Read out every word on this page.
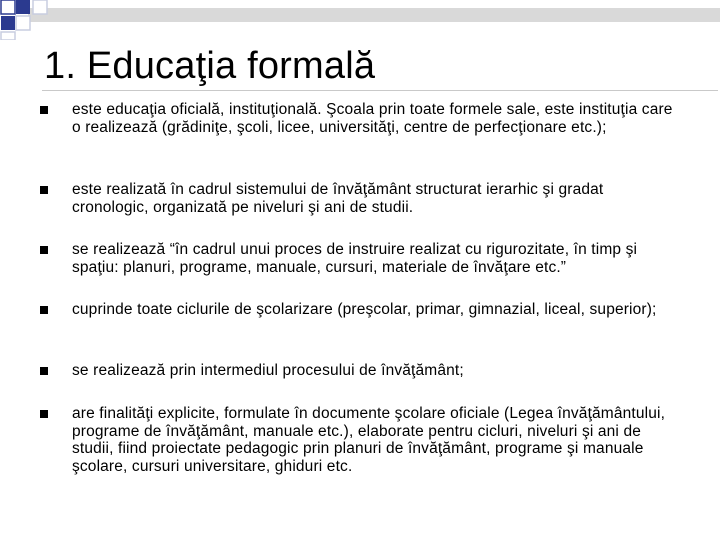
1. Educaţia formală
este educaţia oficială, instituţională. Şcoala prin toate formele sale, este instituţia care o realizează (grădiniţe, şcoli, licee, universităţi, centre de perfecţionare etc.);
este realizată în cadrul sistemului de învăţământ structurat ierarhic şi gradat cronologic, organizată pe niveluri şi ani de studii.
se realizează “în cadrul unui proces de instruire realizat cu rigurozitate, în timp şi spaţiu: planuri, programe, manuale, cursuri, materiale de învăţare etc.”
cuprinde toate ciclurile de şcolarizare (preşcolar, primar, gimnazial, liceal, superior);
se realizează prin intermediul procesului de învăţământ;
are finalităţi explicite, formulate în documente şcolare oficiale (Legea învăţământului, programe de învăţământ, manuale etc.), elaborate pentru cicluri, niveluri şi ani de studii, fiind proiectate pedagogic prin planuri de învăţământ, programe şi manuale şcolare, cursuri universitare, ghiduri etc.
